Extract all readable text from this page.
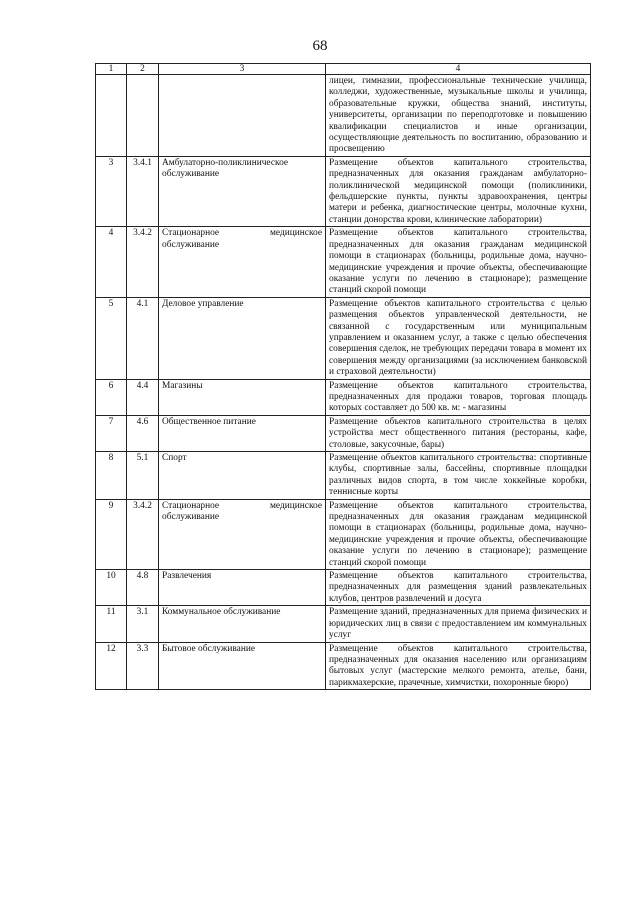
68
1	2	3	4
			лицеи, гимназии, профессиональные технические училища, колледжи, художественные, музыкальные школы и училища, образовательные кружки, общества знаний, институты, университеты, организации по переподготовке и повышению квалификации специалистов и иные организации, осуществляющие деятельность по воспитанию, образованию и просвещению
3	3.4.1	Амбулаторно-поликлиническое обслуживание	Размещение объектов капитального строительства, предназначенных для оказания гражданам амбулаторно-поликлинической медицинской помощи (поликлиники, фельдшерские пункты, пункты здравоохранения, центры матери и ребенка, диагностические центры, молочные кухни, станции донорства крови, клинические лаборатории)
4	3.4.2	Стационарное медицинское обслуживание	Размещение объектов капитального строительства, предназначенных для оказания гражданам медицинской помощи в стационарах (больницы, родильные дома, научно-медицинские учреждения и прочие объекты, обеспечивающие оказание услуги по лечению в стационаре); размещение станций скорой помощи
5	4.1	Деловое управление	Размещение объектов капитального строительства с целью размещения объектов управленческой деятельности, не связанной с государственным или муниципальным управлением и оказанием услуг, а также с целью обеспечения совершения сделок, не требующих передачи товара в момент их совершения между организациями (за исключением банковской и страховой деятельности)
6	4.4	Магазины	Размещение объектов капитального строительства, предназначенных для продажи товаров, торговая площадь которых составляет до 500 кв. м: - магазины
7	4.6	Общественное питание	Размещение объектов капитального строительства в целях устройства мест общественного питания (рестораны, кафе, столовые, закусочные, бары)
8	5.1	Спорт	Размещение объектов капитального строительства: спортивные клубы, спортивные залы, бассейны, спортивные площадки различных видов спорта, в том числе хоккейные коробки, теннисные корты
9	3.4.2	Стационарное медицинское обслуживание	Размещение объектов капитального строительства, предназначенных для оказания гражданам медицинской помощи в стационарах (больницы, родильные дома, научно-медицинские учреждения и прочие объекты, обеспечивающие оказание услуги по лечению в стационаре); размещение станций скорой помощи
10	4.8	Развлечения	Размещение объектов капитального строительства, предназначенных для размещения зданий развлекательных клубов, центров развлечений и досуга
11	3.1	Коммунальное обслуживание	Размещение зданий, предназначенных для приема физических и юридических лиц в связи с предоставлением им коммунальных услуг
12	3.3	Бытовое обслуживание	Размещение объектов капитального строительства, предназначенных для оказания населению или организациям бытовых услуг (мастерские мелкого ремонта, ателье, бани, парикмахерские, прачечные, химчистки, похоронные бюро)
